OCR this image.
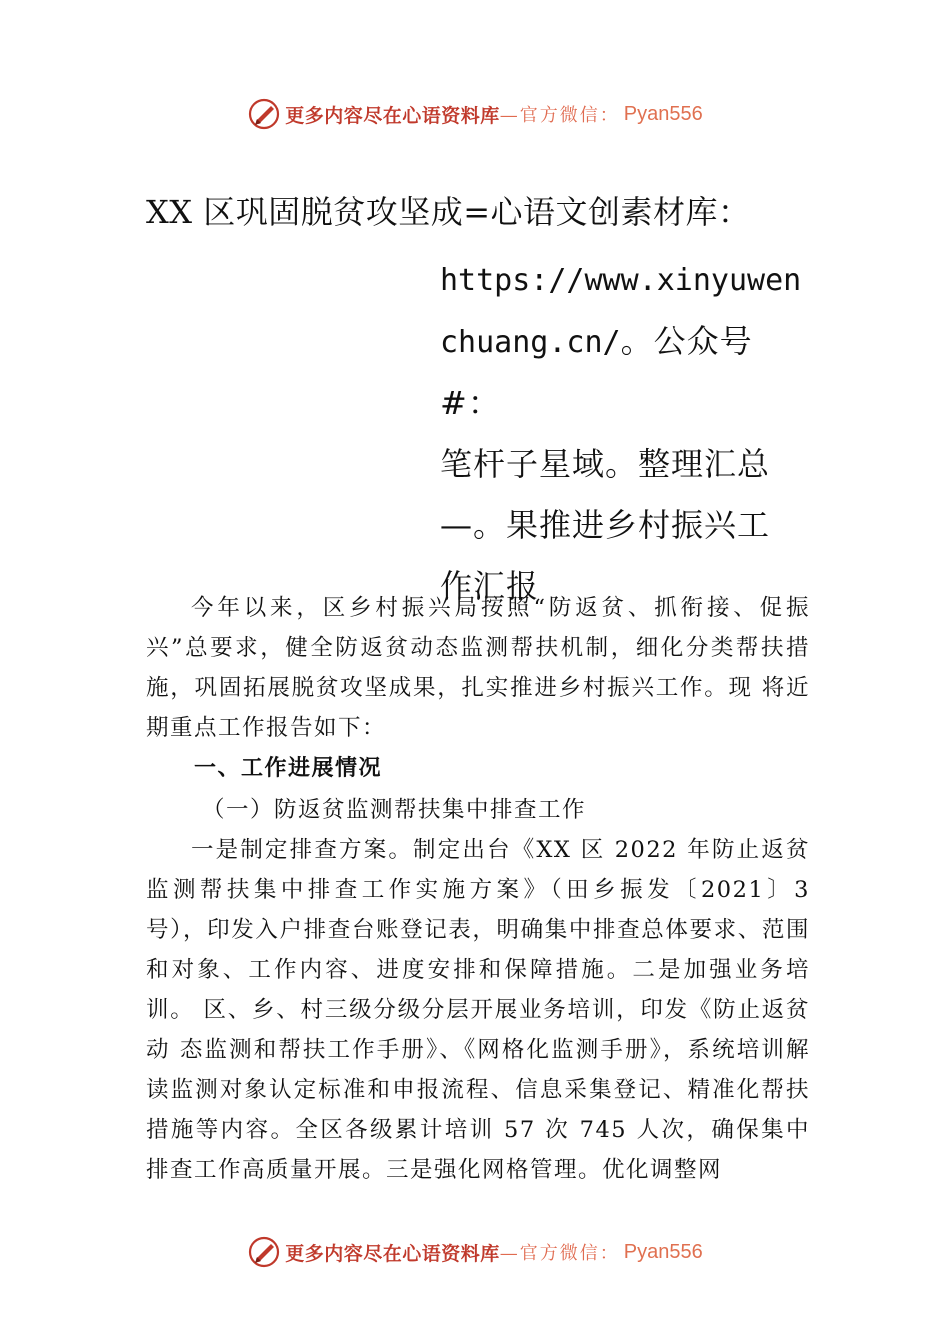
更多内容尽在心语资料库 —官方微信： Pyan556
XX 区巩固脱贫攻坚成=心语文创素材库：
https://www.xinyuwen
chuang.cn/。公众号#：
笔杆子星域。整理汇总
—。果推进乡村振兴工
作汇报

今年以来，区乡村振兴局按照“防返贫、抓衔接、促振兴”总要求，健全防返贫动态监测帮扶机制，细化分类帮扶措施，巩固拓展脱贫攻坚成果，扎实推进乡村振兴工作。现 将近期重点工作报告如下：

一、工作进展情况

（一）防返贫监测帮扶集中排查工作

一是制定排查方案。制定出台《XX 区 2022 年防止返贫监测帮扶集中排查工作实施方案》（田乡振发〔2021〕3 号），印发入户排查台账登记表，明确集中排查总体要求、范围和对象、工作内容、进度安排和保障措施。二是加强业务培训。 区、乡、村三级分级分层开展业务培训，印发《防止返贫动 态监测和帮扶工作手册》、《网格化监测手册》，系统培训解读监测对象认定标准和申报流程、信息采集登记、精准化帮扶措施等内容。全区各级累计培训 57 次 745 人次，确保集中排查工作高质量开展。三是强化网格管理。优化调整网

更多内容尽在心语资料库 —官方微信： Pyan556
